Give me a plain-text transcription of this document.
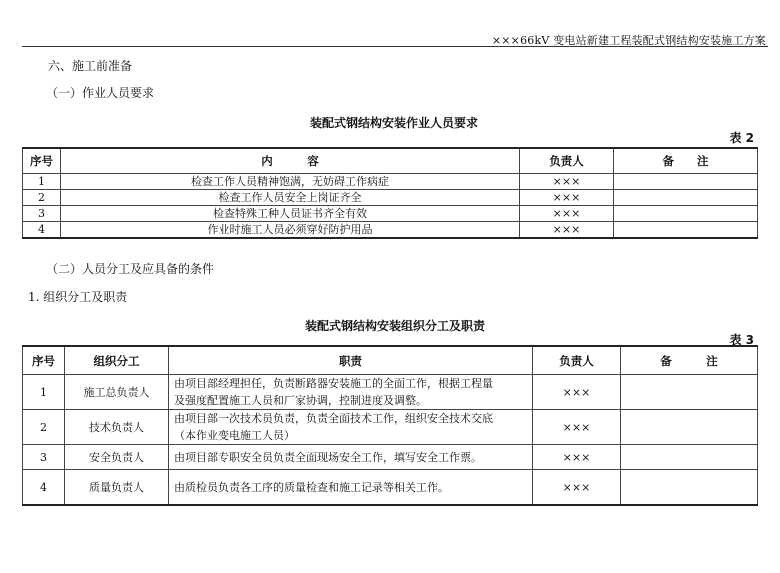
×××66kV 变电站新建工程装配式钢结构安装施工方案
六、施工前准备
（一）作业人员要求
装配式钢结构安装作业人员要求
表 2
序号	内　　　容	负责人	备　　注
1	检查工作人员精神饱满，无妨碍工作病症	×××	
2	检查工作人员安全上岗证齐全	×××	
3	检查特殊工种人员证书齐全有效	×××	
4	作业时施工人员必须穿好防护用品	×××	
（二）人员分工及应具备的条件
1. 组织分工及职责
装配式钢结构安装组织分工及职责
表 3
序号	组织分工	职责	负责人	备　　　注
1	施工总负责人	由项目部经理担任，负责断路器安装施工的全面工作，根据工程量
及强度配置施工人员和厂家协调，控制进度及调整。	×××	
2	技术负责人	由项目部一次技术员负责，负责全面技术工作，组织安全技术交底
（本作业变电施工人员）	×××	
3	安全负责人	由项目部专职安全员负责全面现场安全工作，填写安全工作票。	×××	
4	质量负责人	由质检员负责各工序的质量检查和施工记录等相关工作。	×××	
